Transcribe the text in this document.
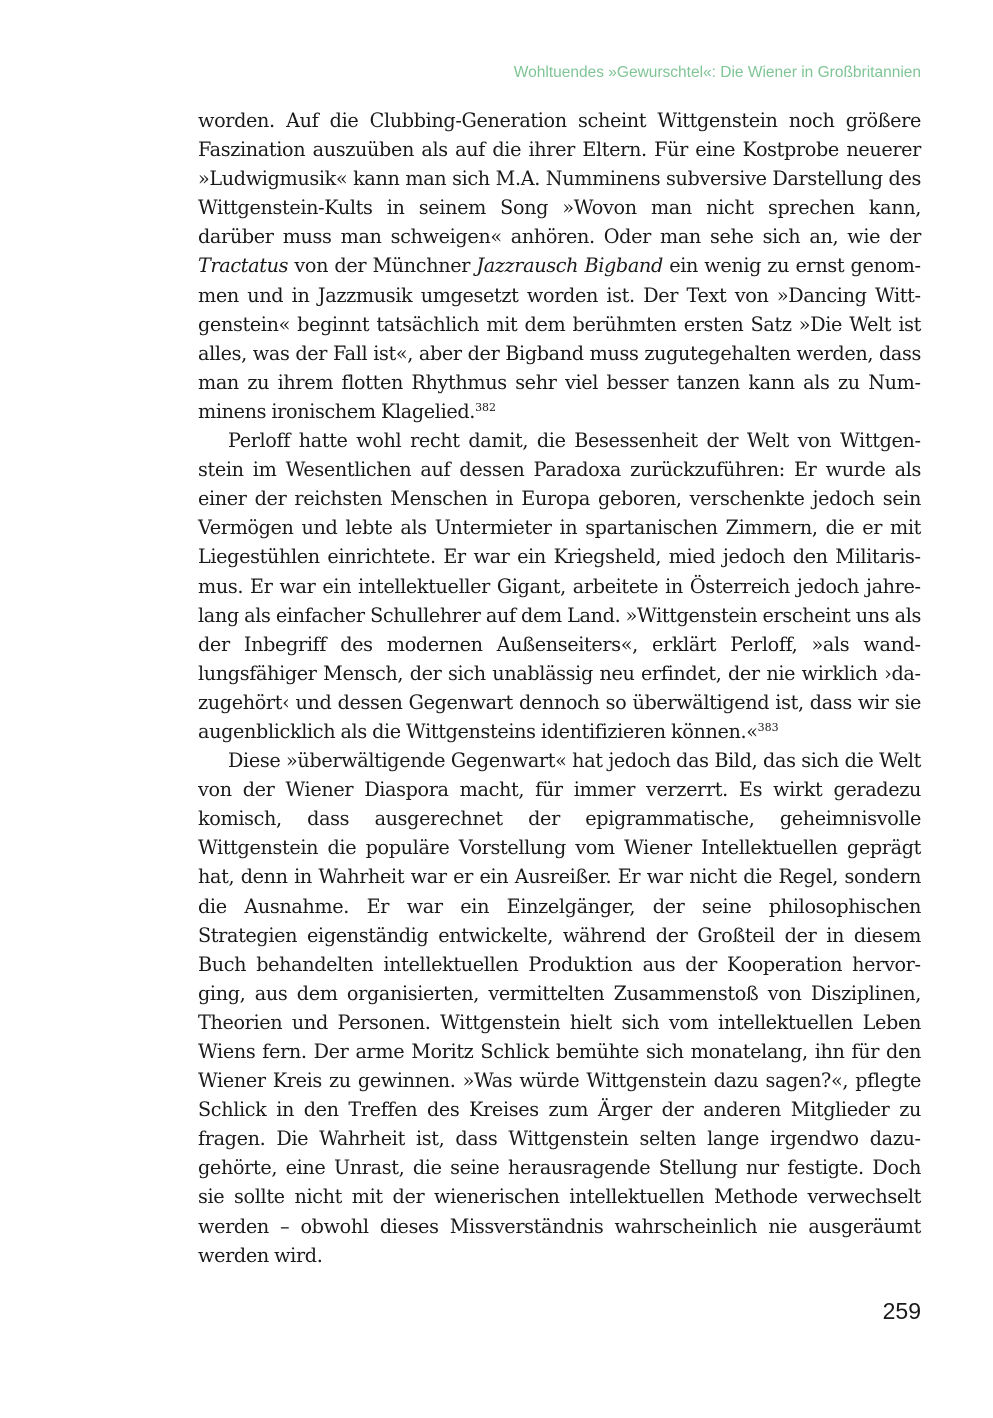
Wohltuendes »Gewurschtel«: Die Wiener in Großbritannien

worden. Auf die Clubbing-Generation scheint Wittgenstein noch größere Faszination auszuüben als auf die ihrer Eltern. Für eine Kostprobe neuerer »Ludwigmusik« kann man sich M.A. Numminens subversive Darstellung des Wittgenstein-Kults in seinem Song »Wovon man nicht sprechen kann, darüber muss man schweigen« anhören. Oder man sehe sich an, wie der Tractatus von der Münchner Jazzrausch Bigband ein wenig zu ernst genommen und in Jazzmusik umgesetzt worden ist. Der Text von »Dancing Wittgenstein« beginnt tatsächlich mit dem berühmten ersten Satz »Die Welt ist alles, was der Fall ist«, aber der Bigband muss zugutegehalten werden, dass man zu ihrem flotten Rhythmus sehr viel besser tanzen kann als zu Numminens ironischem Klagelied.$^{382}$

Perloff hatte wohl recht damit, die Besessenheit der Welt von Wittgenstein im Wesentlichen auf dessen Paradoxa zurückzuführen: Er wurde als einer der reichsten Menschen in Europa geboren, verschenkte jedoch sein Vermögen und lebte als Untermieter in spartanischen Zimmern, die er mit Liegestühlen einrichtete. Er war ein Kriegsheld, mied jedoch den Militarismus. Er war ein intellektueller Gigant, arbeitete in Österreich jedoch jahrelang als einfacher Schullehrer auf dem Land. »Wittgenstein erscheint uns als der Inbegriff des modernen Außenseiters«, erklärt Perloff, »als wandlungsfähiger Mensch, der sich unablässig neu erfindet, der nie wirklich ›dazugehört‹ und dessen Gegenwart dennoch so überwältigend ist, dass wir sie augenblicklich als die Wittgensteins identifizieren können.«$^{383}$

Diese »überwältigende Gegenwart« hat jedoch das Bild, das sich die Welt von der Wiener Diaspora macht, für immer verzerrt. Es wirkt geradezu komisch, dass ausgerechnet der epigrammatische, geheimnisvolle Wittgenstein die populäre Vorstellung vom Wiener Intellektuellen geprägt hat, denn in Wahrheit war er ein Ausreißer. Er war nicht die Regel, sondern die Ausnahme. Er war ein Einzelgänger, der seine philosophischen Strategien eigenständig entwickelte, während der Großteil der in diesem Buch behandelten intellektuellen Produktion aus der Kooperation hervorging, aus dem organisierten, vermittelten Zusammenstoß von Disziplinen, Theorien und Personen. Wittgenstein hielt sich vom intellektuellen Leben Wiens fern. Der arme Moritz Schlick bemühte sich monatelang, ihn für den Wiener Kreis zu gewinnen. »Was würde Wittgenstein dazu sagen?«, pflegte Schlick in den Treffen des Kreises zum Ärger der anderen Mitglieder zu fragen. Die Wahrheit ist, dass Wittgenstein selten lange irgendwo dazugehörte, eine Unrast, die seine herausragende Stellung nur festigte. Doch sie sollte nicht mit der wienerischen intellektuellen Methode verwechselt werden – obwohl dieses Missverständnis wahrscheinlich nie ausgeräumt werden wird.

259
